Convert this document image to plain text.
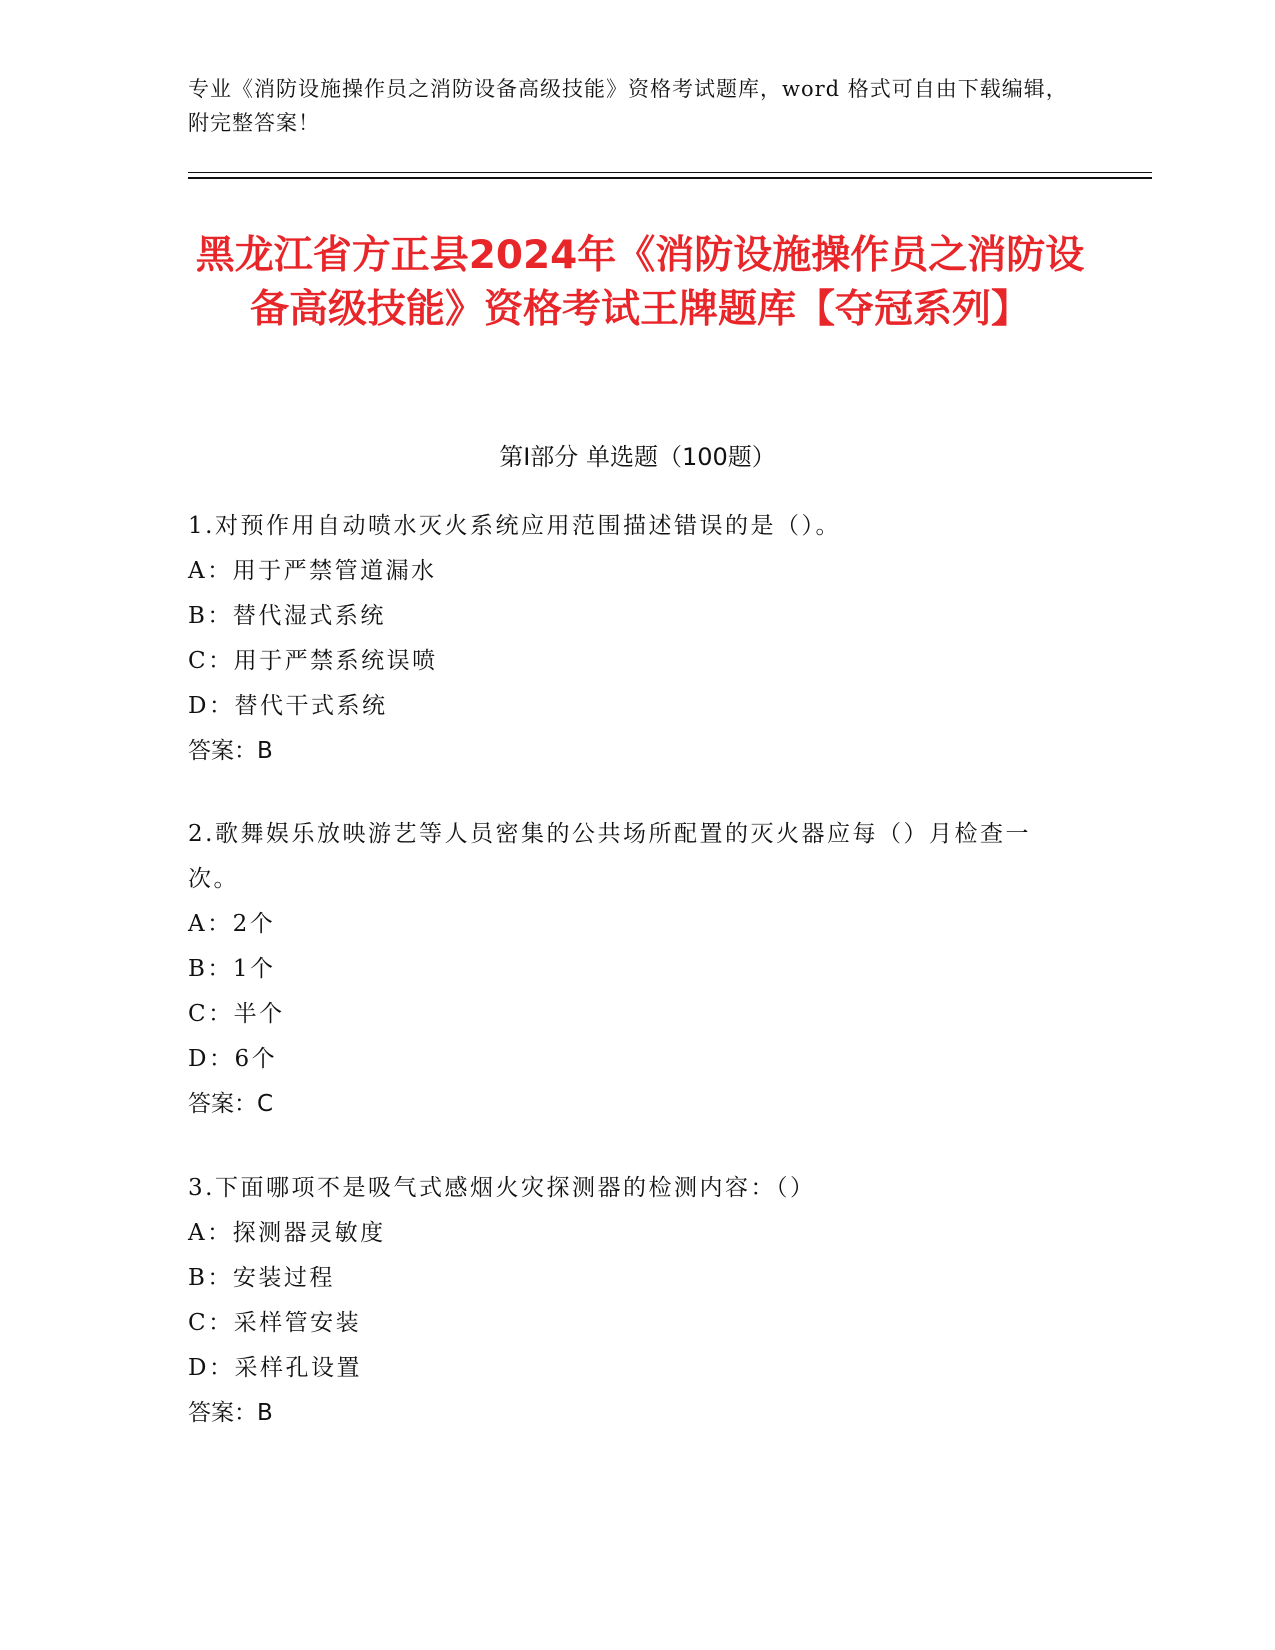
专业《消防设施操作员之消防设备高级技能》资格考试题库，word 格式可自由下载编辑，附完整答案！
黑龙江省方正县2024年《消防设施操作员之消防设备高级技能》资格考试王牌题库【夺冠系列】
第Ⅰ部分 单选题（100题）

1.对预作用自动喷水灭火系统应用范围描述错误的是（）。

A：用于严禁管道漏水

B：替代湿式系统

C：用于严禁系统误喷

D：替代干式系统

答案：B

2.歌舞娱乐放映游艺等人员密集的公共场所配置的灭火器应每（）月检查一次。

A：2个

B：1个

C：半个

D：6个

答案：C

3.下面哪项不是吸气式感烟火灾探测器的检测内容：（）

A：探测器灵敏度

B：安装过程

C：采样管安装

D：采样孔设置

答案：B
